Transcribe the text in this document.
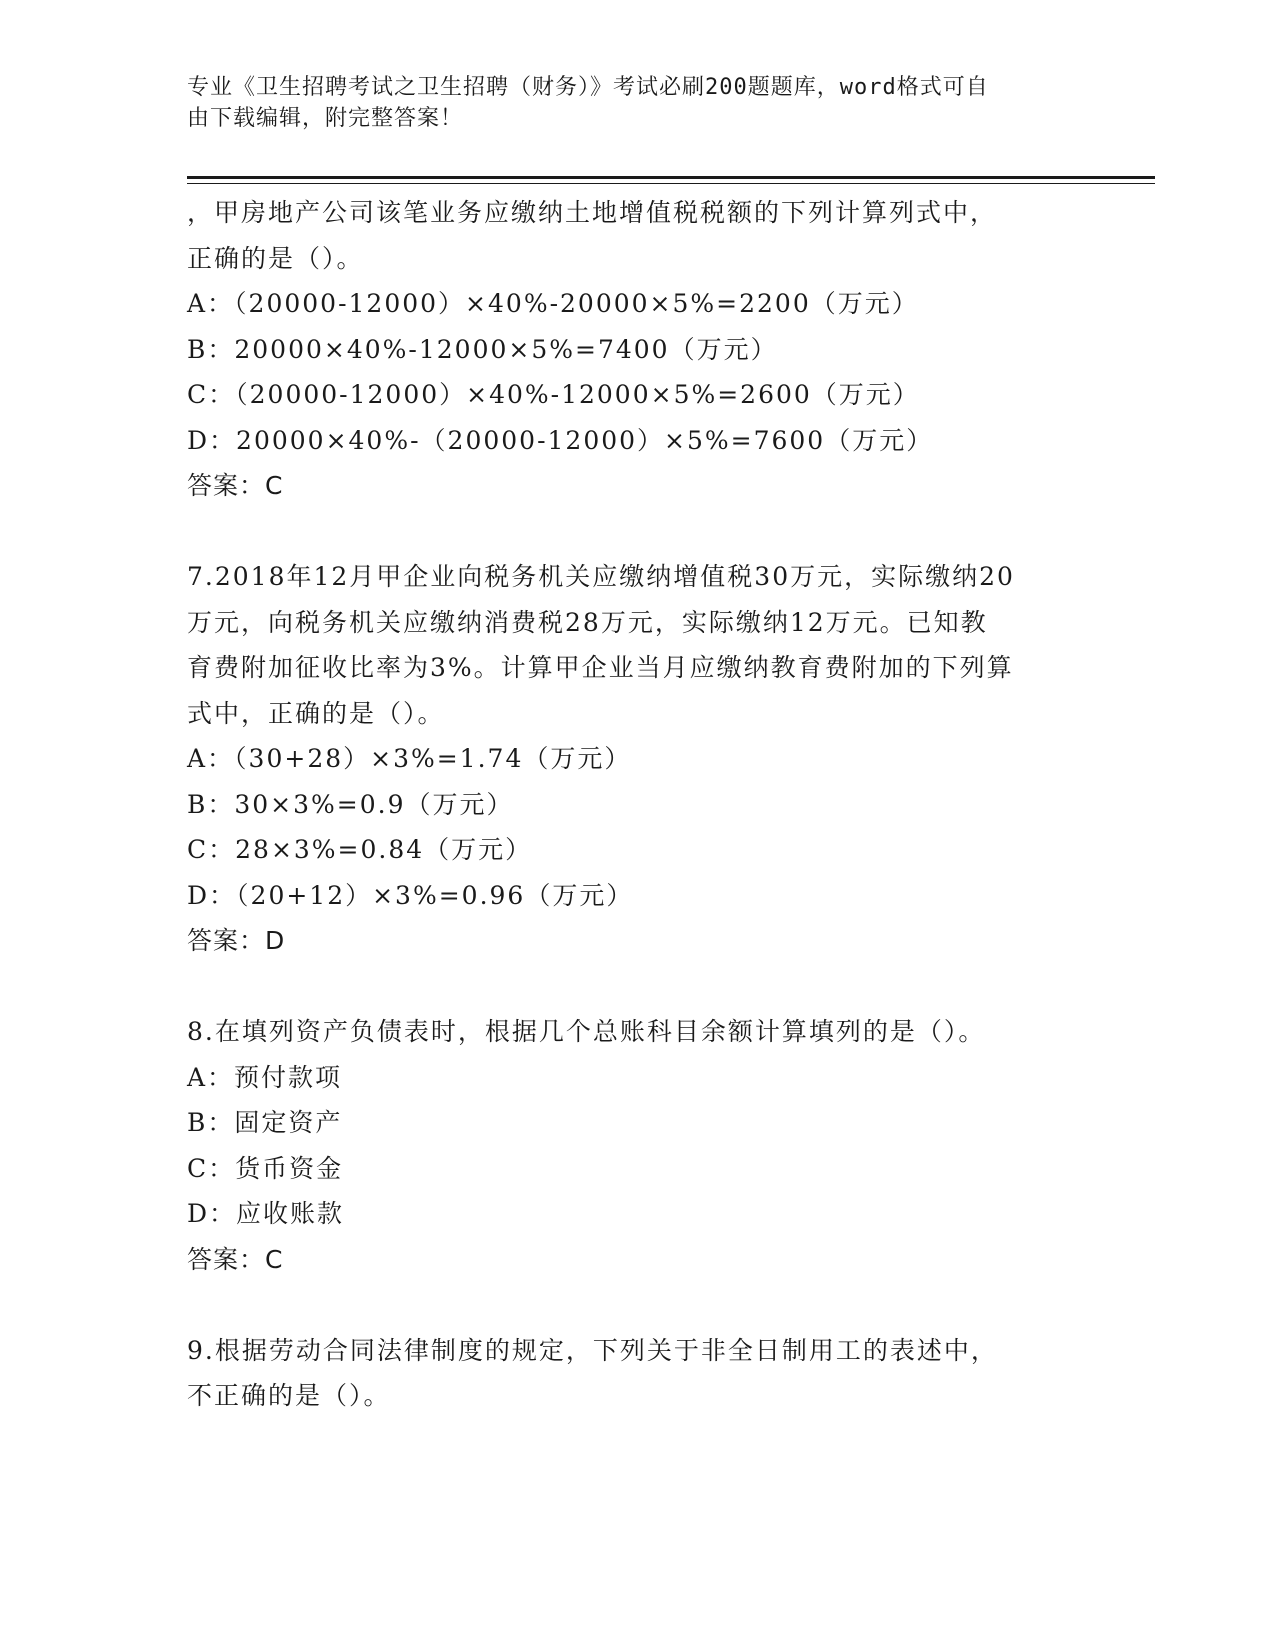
专业《卫生招聘考试之卫生招聘（财务）》考试必刷200题题库，word格式可自
由下载编辑，附完整答案！
，甲房地产公司该笔业务应缴纳土地增值税税额的下列计算列式中，
正确的是（）。
A：（20000-12000）×40%-20000×5%=2200（万元）
B：20000×40%-12000×5%=7400（万元）
C：（20000-12000）×40%-12000×5%=2600（万元）
D：20000×40%-（20000-12000）×5%=7600（万元）
答案：C
7.2018年12月甲企业向税务机关应缴纳增值税30万元，实际缴纳20
万元，向税务机关应缴纳消费税28万元，实际缴纳12万元。已知教
育费附加征收比率为3%。计算甲企业当月应缴纳教育费附加的下列算
式中，正确的是（）。
A：（30+28）×3%=1.74（万元）
B：30×3%=0.9（万元）
C：28×3%=0.84（万元）
D：（20+12）×3%=0.96（万元）
答案：D
8.在填列资产负债表时，根据几个总账科目余额计算填列的是（）。
A：预付款项
B：固定资产
C：货币资金
D：应收账款
答案：C
9.根据劳动合同法律制度的规定，下列关于非全日制用工的表述中，
不正确的是（）。
